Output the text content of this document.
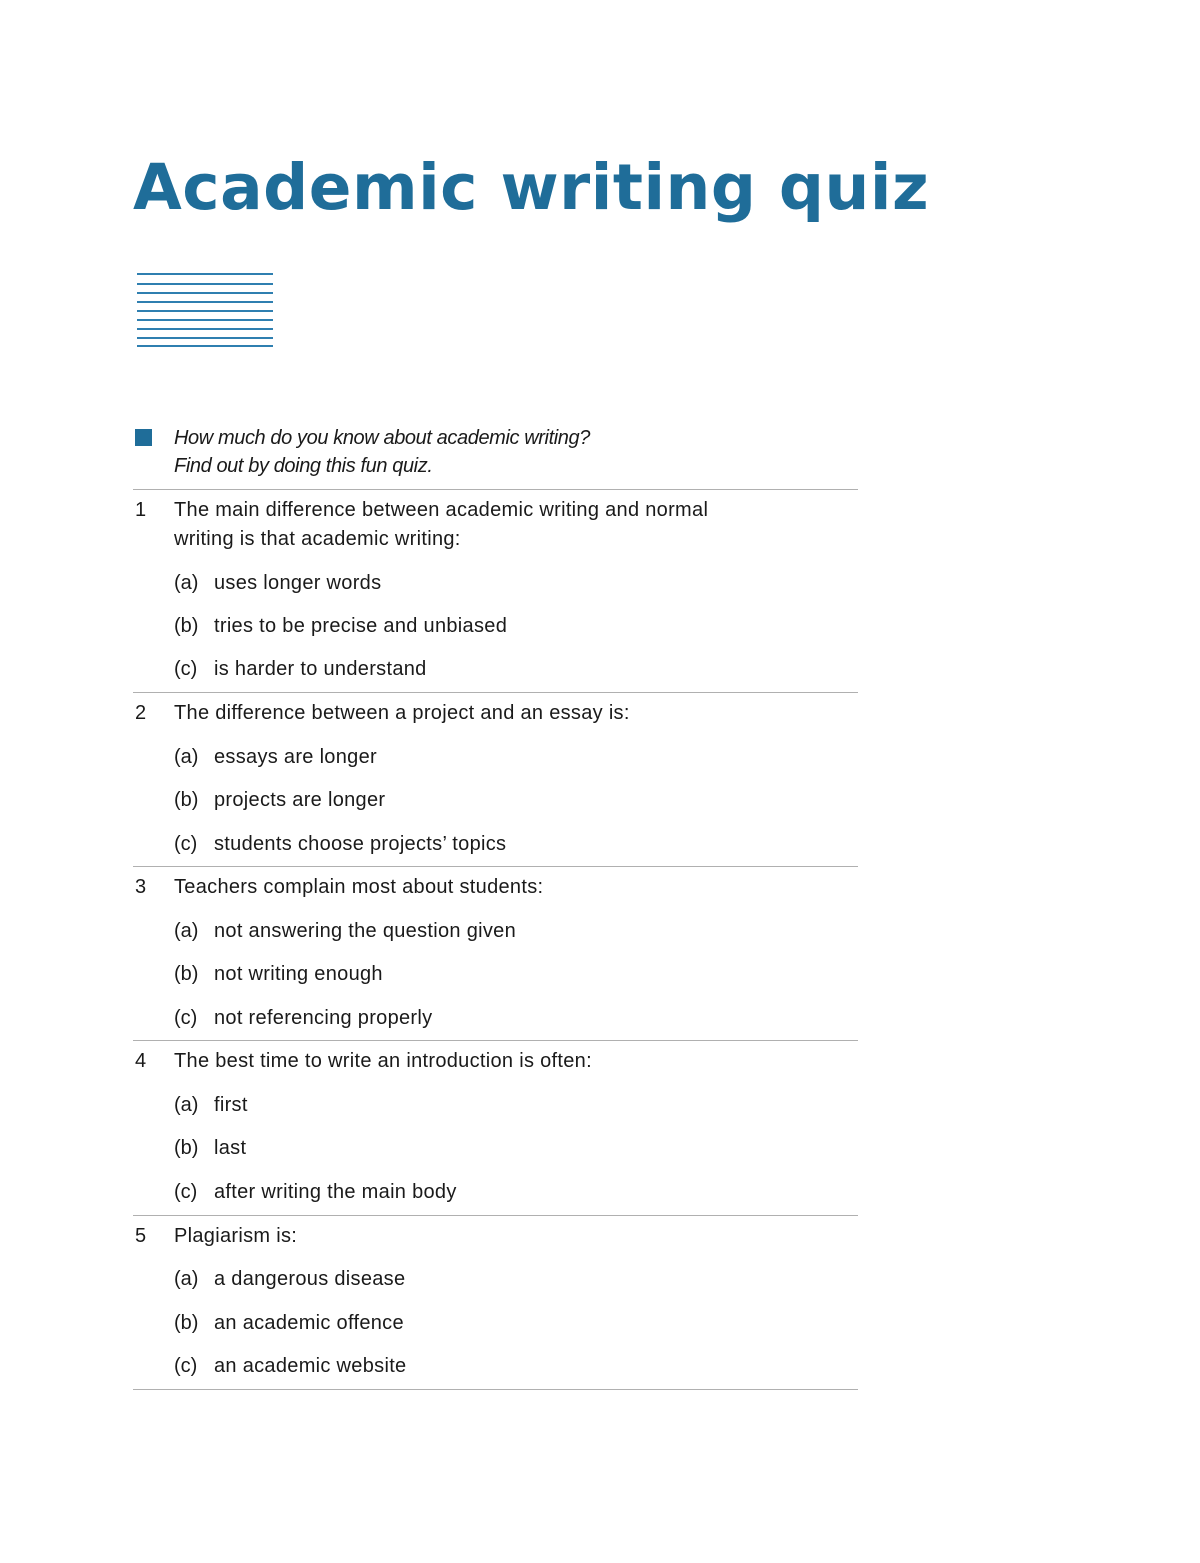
Academic writing quiz

How much do you know about academic writing?

Find out by doing this fun quiz.

1 The main difference between academic writing and normal

writing is that academic writing:

(a) uses longer words

(b) tries to be precise and unbiased

(c) is harder to understand

2 The difference between a project and an essay is:

(a) essays are longer

(b) projects are longer

(c) students choose projects’ topics

3 Teachers complain most about students:

(a) not answering the question given

(b) not writing enough

(c) not referencing properly

4 The best time to write an introduction is often:

(a) first

(b) last

(c) after writing the main body

5 Plagiarism is:

(a) a dangerous disease

(b) an academic offence

(c) an academic website
